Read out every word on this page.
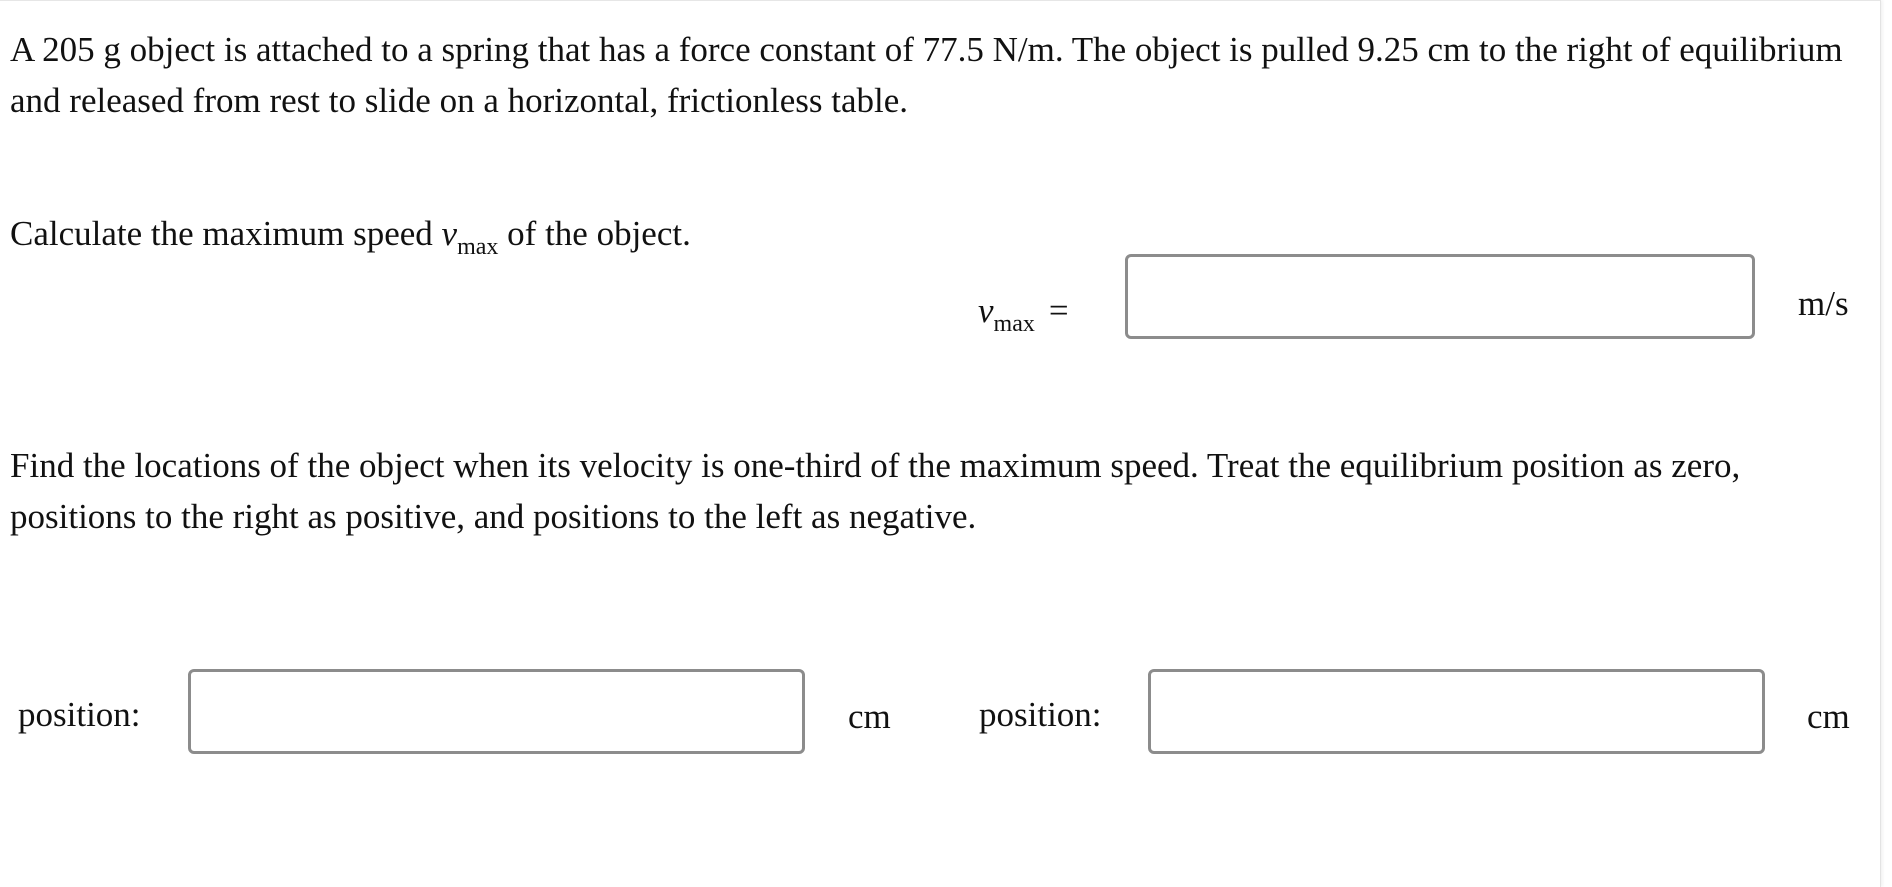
A 205 g object is attached to a spring that has a force constant of 77.5 N/m. The object is pulled 9.25 cm to the right of equilibrium and released from rest to slide on a horizontal, frictionless table.

Calculate the maximum speed $v_{max}$ of the object.

$v_{max}$ =	m/s

Find the locations of the object when its velocity is one-third of the maximum speed. Treat the equilibrium position as zero, positions to the right as positive, and positions to the left as negative.

position:	cm	position:	cm
